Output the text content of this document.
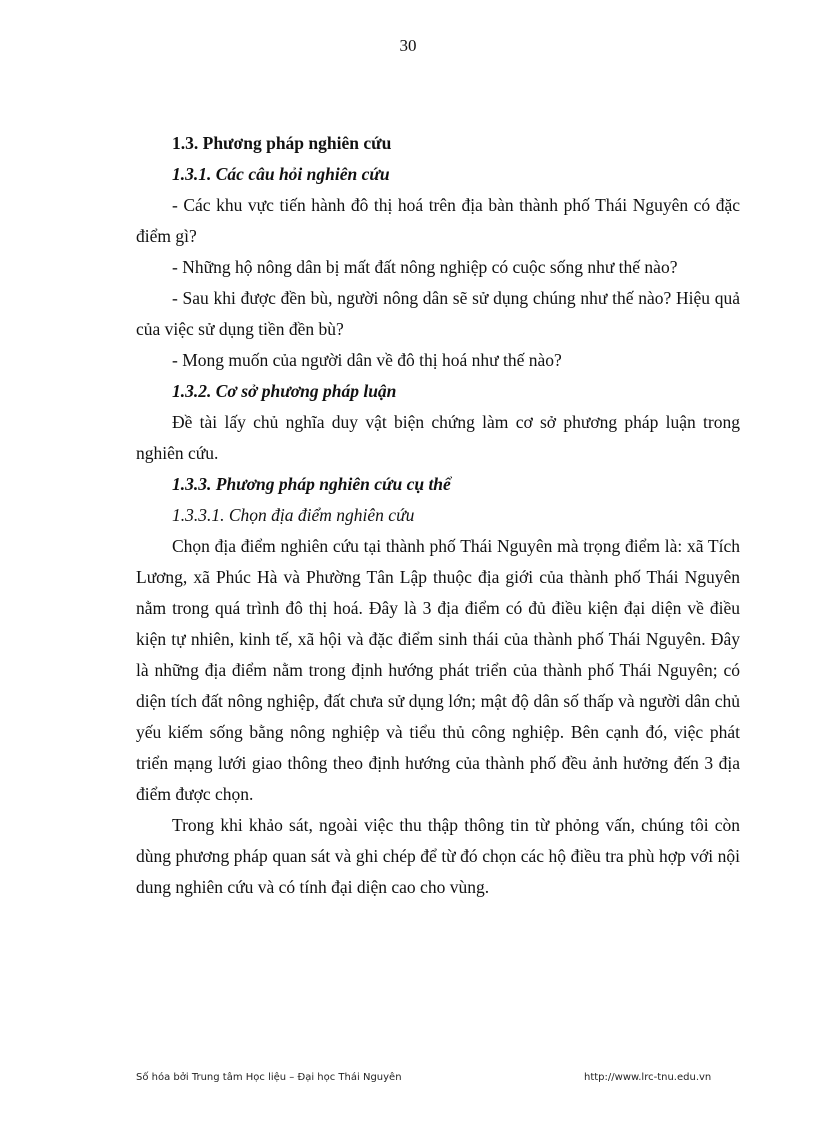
30

1.3. Phương pháp nghiên cứu

1.3.1. Các câu hỏi nghiên cứu

- Các khu vực tiến hành đô thị hoá trên địa bàn thành phố Thái Nguyên có đặc điểm gì?

- Những hộ nông dân bị mất đất nông nghiệp có cuộc sống như thế nào?

- Sau khi được đền bù, người nông dân sẽ sử dụng chúng như thế nào? Hiệu quả của việc sử dụng tiền đền bù?

- Mong muốn của người dân về đô thị hoá như thế nào?

1.3.2. Cơ sở phương pháp luận

Đề tài lấy chủ nghĩa duy vật biện chứng làm cơ sở phương pháp luận trong nghiên cứu.

1.3.3. Phương pháp nghiên cứu cụ thể

1.3.3.1. Chọn địa điểm nghiên cứu

Chọn địa điểm nghiên cứu tại thành phố Thái Nguyên mà trọng điểm là: xã Tích Lương, xã Phúc Hà và Phường Tân Lập thuộc địa giới của thành phố Thái Nguyên nằm trong quá trình đô thị hoá. Đây là 3 địa điểm có đủ điều kiện đại diện về điều kiện tự nhiên, kinh tế, xã hội và đặc điểm sinh thái của thành phố Thái Nguyên. Đây là những địa điểm nằm trong định hướng phát triển của thành phố Thái Nguyên; có diện tích đất nông nghiệp, đất chưa sử dụng lớn; mật độ dân số thấp và người dân chủ yếu kiếm sống bằng nông nghiệp và tiểu thủ công nghiệp. Bên cạnh đó, việc phát triển mạng lưới giao thông theo định hướng của thành phố đều ảnh hưởng đến 3 địa điểm được chọn.

Trong khi khảo sát, ngoài việc thu thập thông tin từ phỏng vấn, chúng tôi còn dùng phương pháp quan sát và ghi chép để từ đó chọn các hộ điều tra phù hợp với nội dung nghiên cứu và có tính đại diện cao cho vùng.

Số hóa bởi Trung tâm Học liệu – Đại học Thái Nguyên	http://www.lrc-tnu.edu.vn
